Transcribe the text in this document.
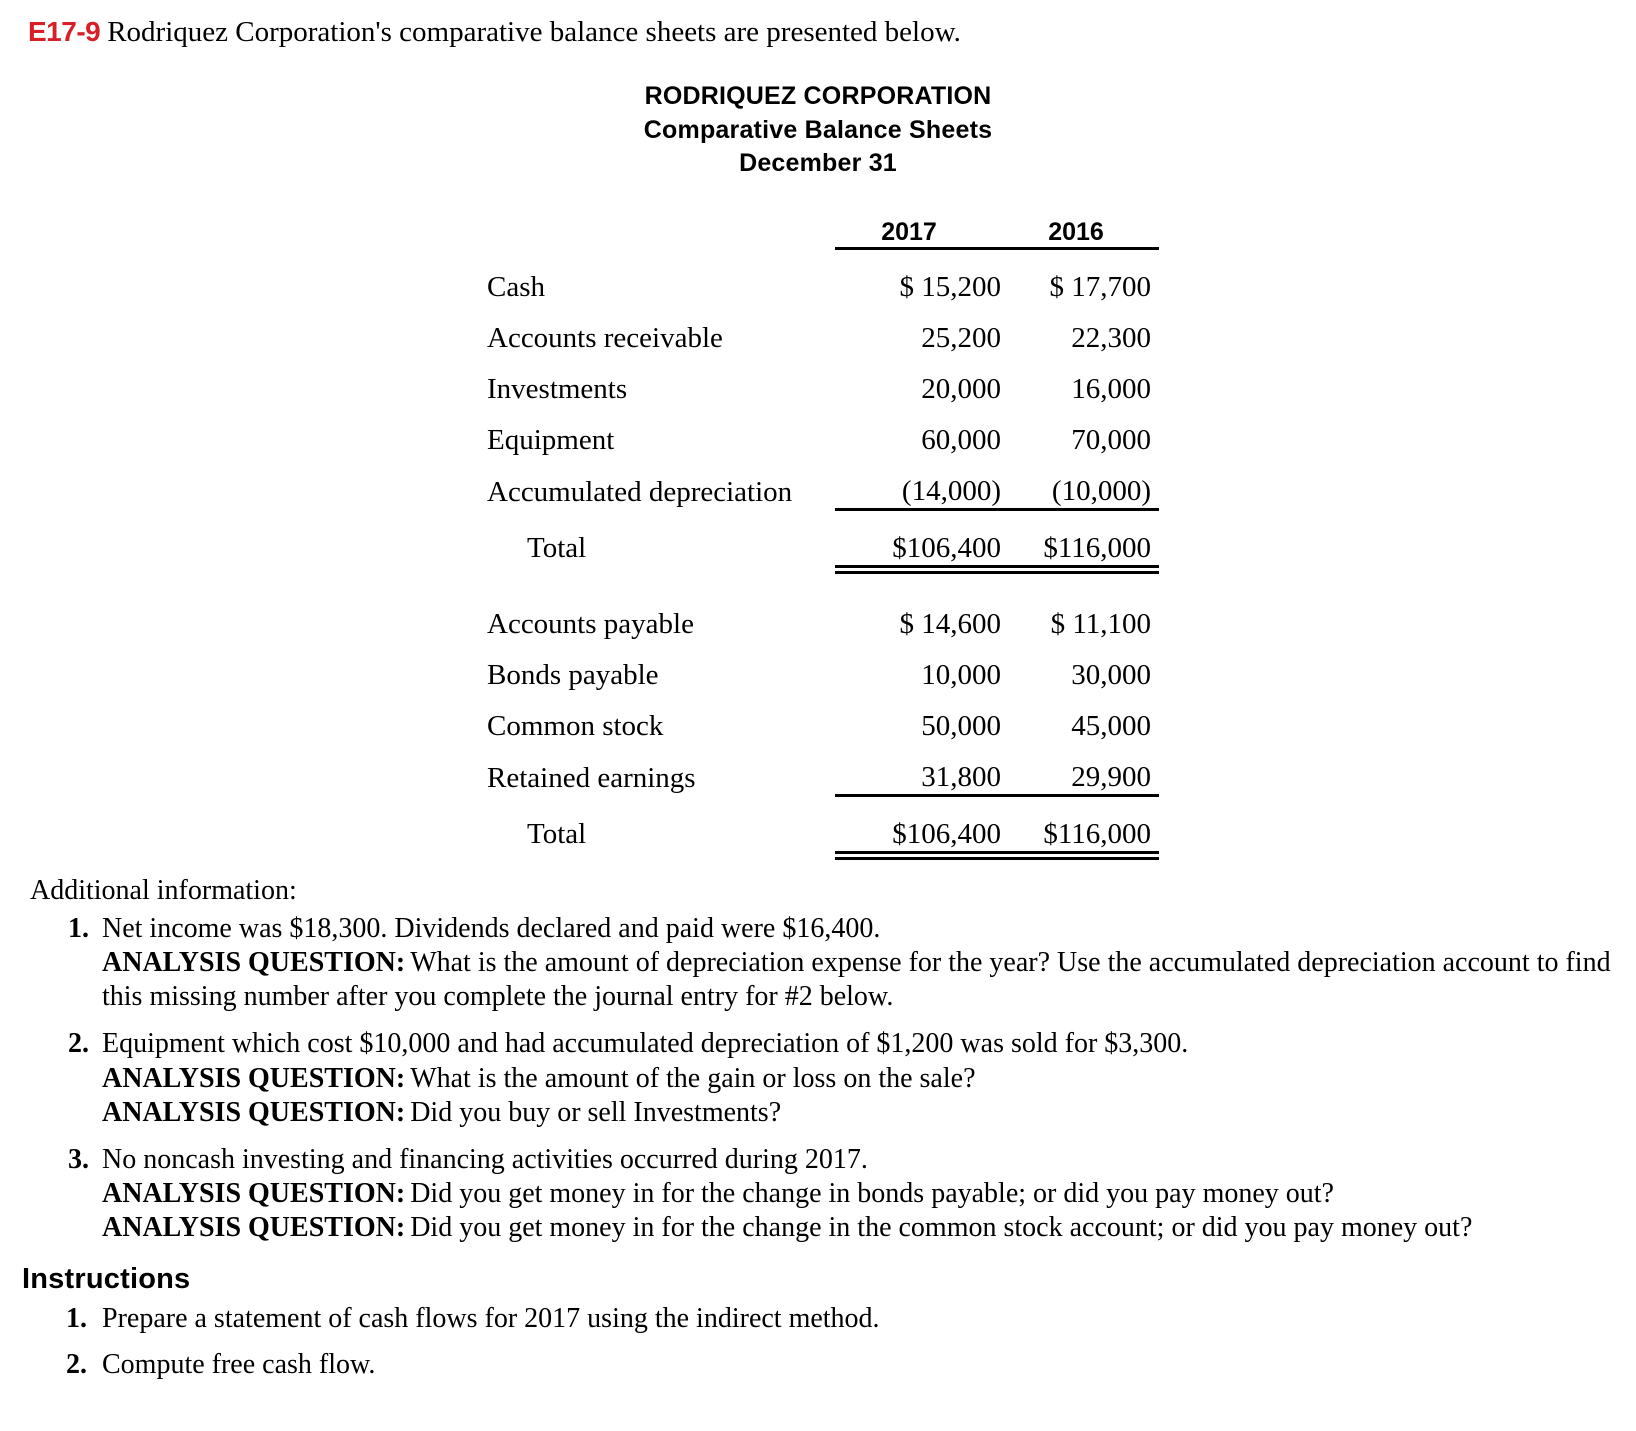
E17-9 Rodriquez Corporation's comparative balance sheets are presented below.
RODRIQUEZ CORPORATION
Comparative Balance Sheets
December 31
	2017	2016
Cash	$ 15,200	$ 17,700
Accounts receivable	25,200	22,300
Investments	20,000	16,000
Equipment	60,000	70,000
Accumulated depreciation	(14,000)	(10,000)
Total	$106,400	$116,000

Accounts payable	$ 14,600	$ 11,100
Bonds payable	10,000	30,000
Common stock	50,000	45,000
Retained earnings	31,800	29,900
Total	$106,400	$116,000

Additional information:
1. Net income was $18,300. Dividends declared and paid were $16,400.
ANALYSIS QUESTION: What is the amount of depreciation expense for the year? Use the accumulated depreciation account to find this missing number after you complete the journal entry for #2 below.
2. Equipment which cost $10,000 and had accumulated depreciation of $1,200 was sold for $3,300.
ANALYSIS QUESTION: What is the amount of the gain or loss on the sale?
ANALYSIS QUESTION: Did you buy or sell Investments?
3. No noncash investing and financing activities occurred during 2017.
ANALYSIS QUESTION: Did you get money in for the change in bonds payable; or did you pay money out?
ANALYSIS QUESTION: Did you get money in for the change in the common stock account; or did you pay money out?
Instructions
1. Prepare a statement of cash flows for 2017 using the indirect method.
2. Compute free cash flow.
